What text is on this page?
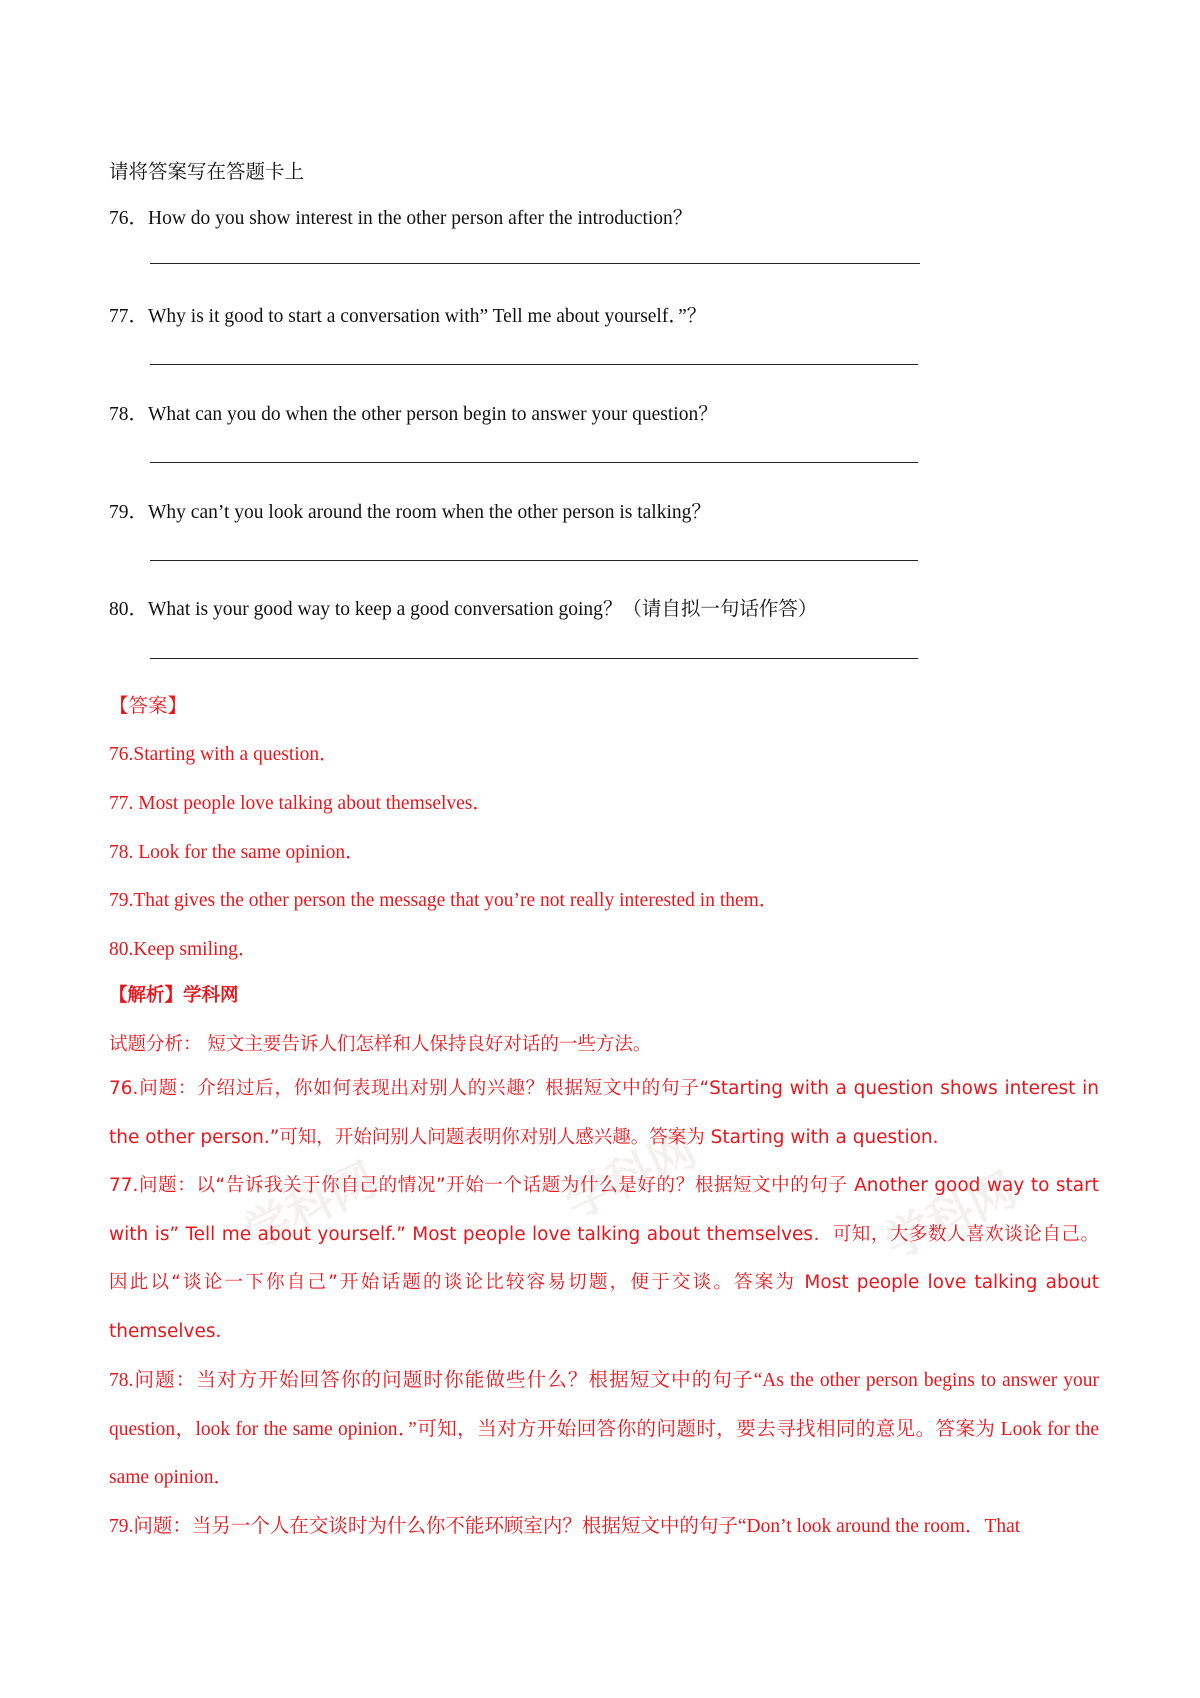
学科网	学科网	学科网
请将答案写在答题卡上
76．How do you show interest in the other person after the introduction？
77．Why is it good to start a conversation with” Tell me about yourself．”？
78．What can you do when the other person begin to answer your question？
79．Why can’t you look around the room when the other person is talking？
80．What is your good way to keep a good conversation going？（请自拟一句话作答）
【答案】
76.Starting with a question．
77. Most people love talking about themselves．
78. Look for the same opinion．
79.That gives the other person the message that you’re not really interested in them．
80.Keep smiling．
【解析】学科网
试题分析： 短文主要告诉人们怎样和人保持良好对话的一些方法。

76.问题：介绍过后，你如何表现出对别人的兴趣？根据短文中的句子“Starting with a question shows interest in the other person.”可知，开始问别人问题表明你对别人感兴趣。答案为 Starting with a question．

77.问题：以“告诉我关于你自己的情况”开始一个话题为什么是好的？根据短文中的句子 Another good way to start with is” Tell me about yourself.” Most people love talking about themselves．可知，大多数人喜欢谈论自己。因此以“谈论一下你自己”开始话题的谈论比较容易切题，便于交谈。答案为 Most people love talking about themselves．

78.问题：当对方开始回答你的问题时你能做些什么？根据短文中的句子“As the other person begins to answer your question，look for the same opinion．”可知，当对方开始回答你的问题时，要去寻找相同的意见。答案为 Look for the same opinion．

79.问题：当另一个人在交谈时为什么你不能环顾室内？根据短文中的句子“Don’t look around the room．That
